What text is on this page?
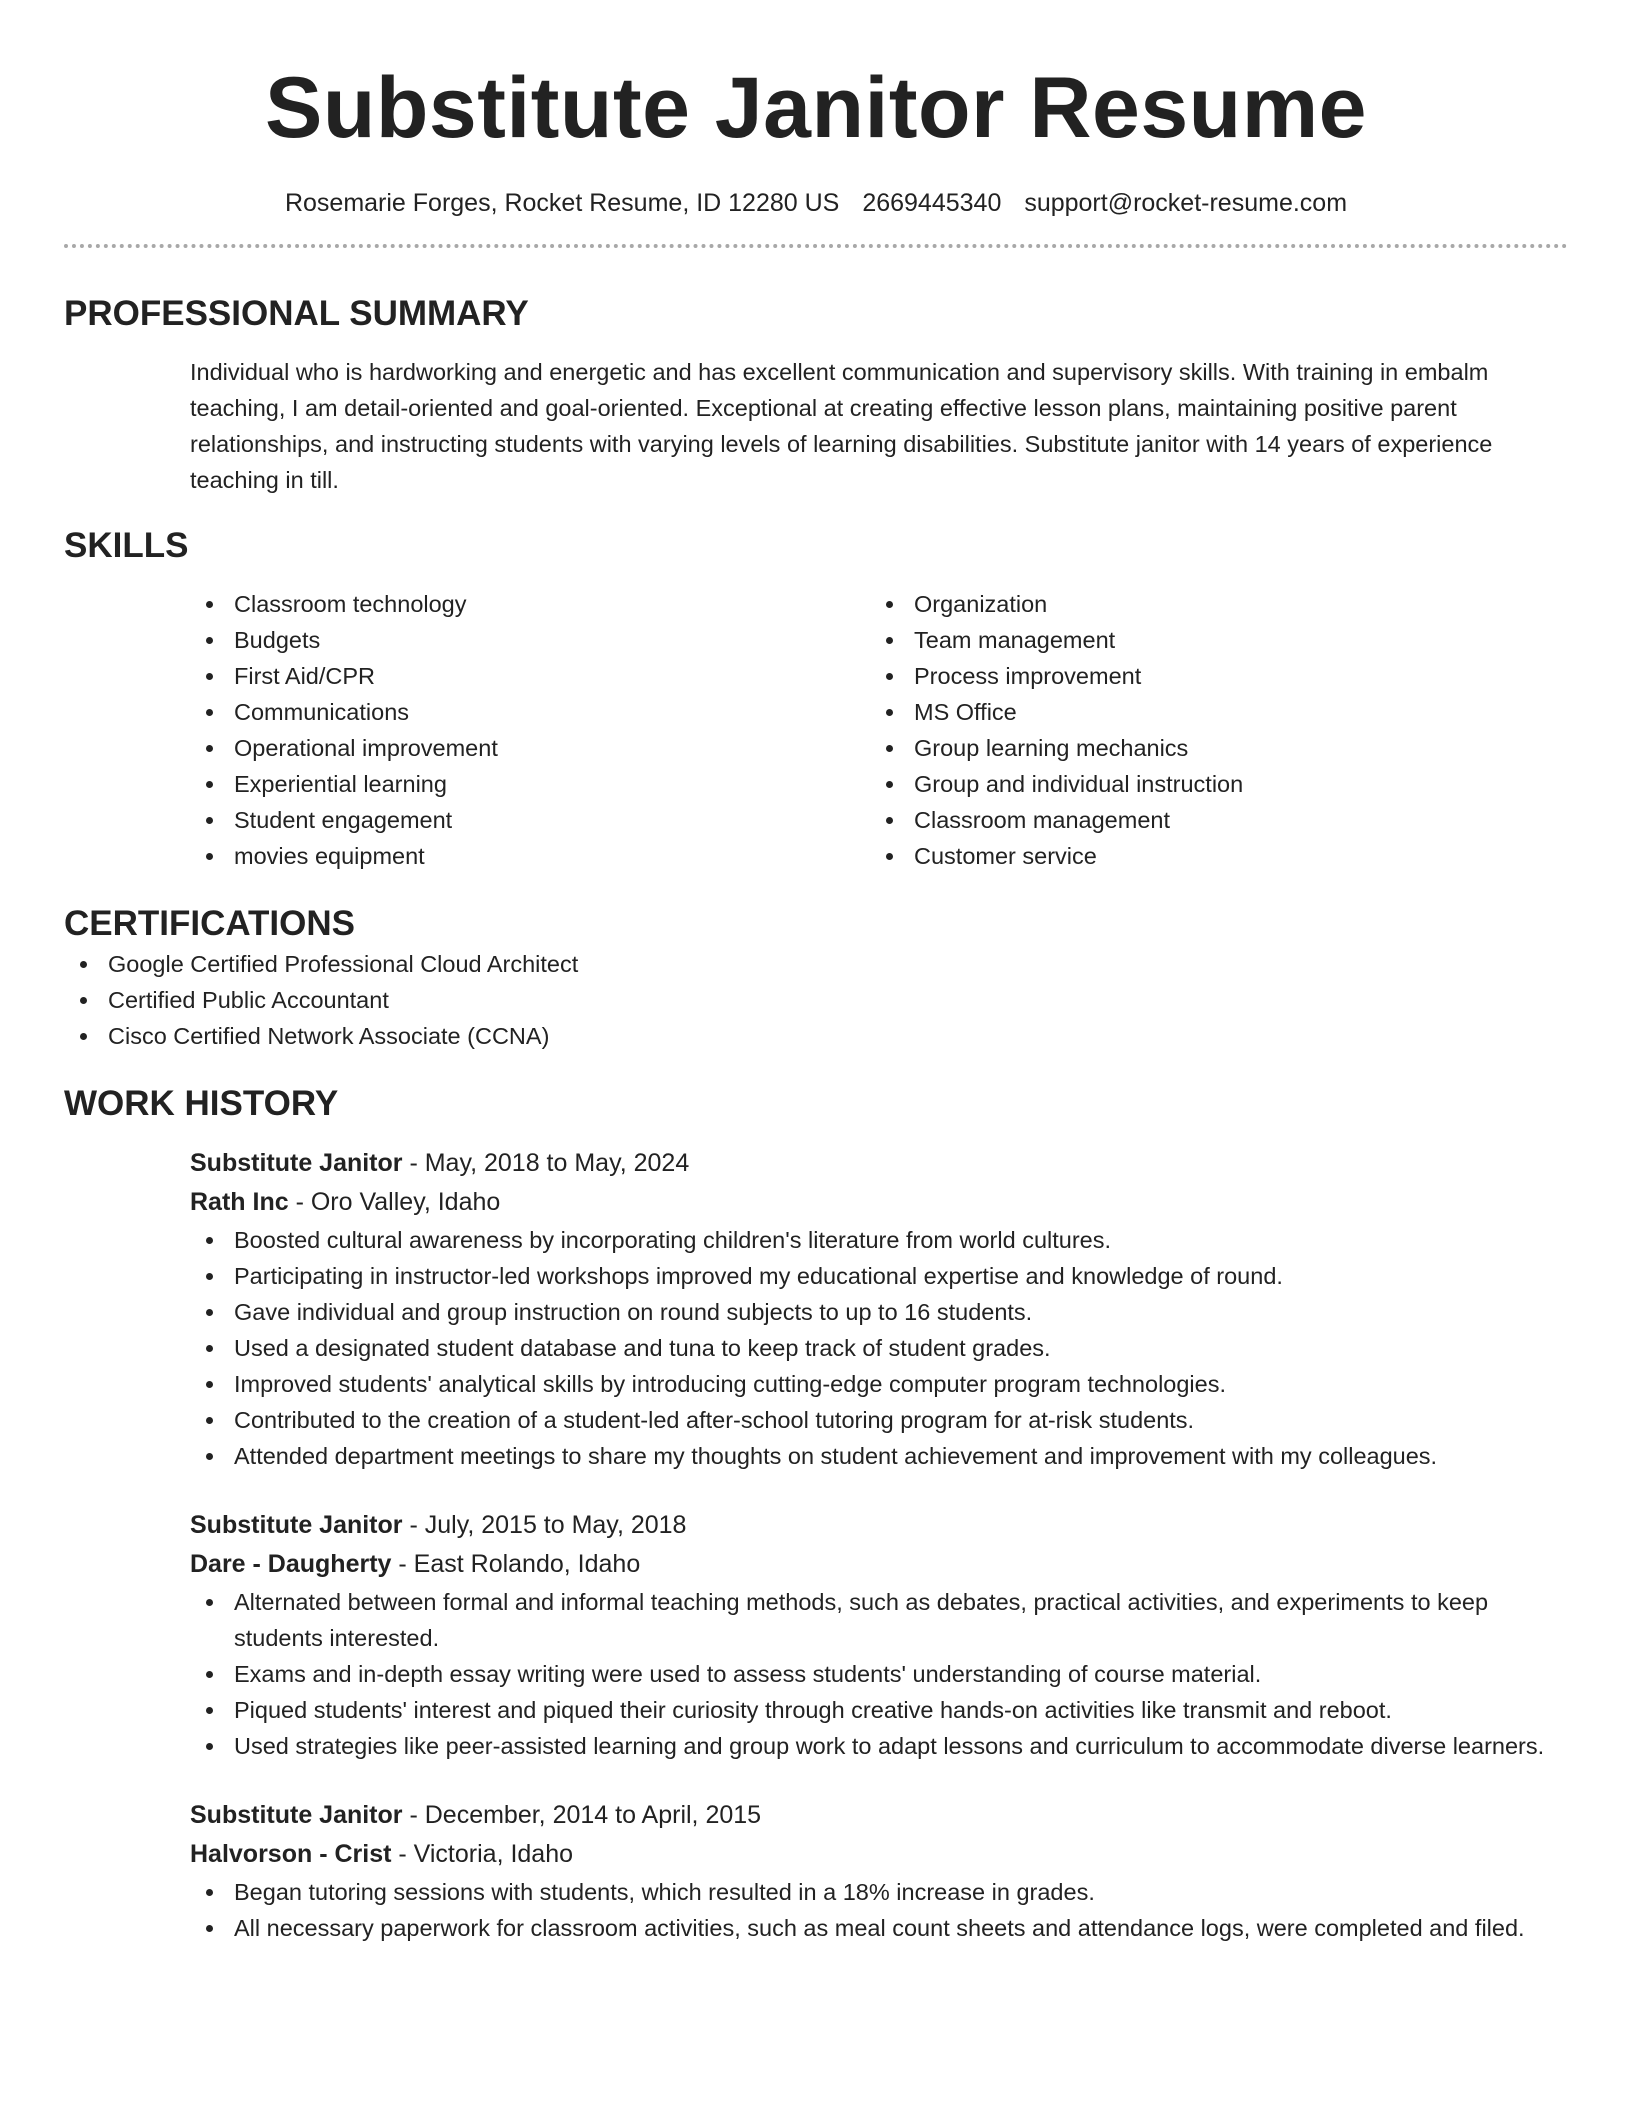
Substitute Janitor Resume
Rosemarie Forges, Rocket Resume, ID 12280 US 2669445340 support@rocket-resume.com
PROFESSIONAL SUMMARY
Individual who is hardworking and energetic and has excellent communication and supervisory skills. With training in embalm teaching, I am detail-oriented and goal-oriented. Exceptional at creating effective lesson plans, maintaining positive parent relationships, and instructing students with varying levels of learning disabilities. Substitute janitor with 14 years of experience teaching in till.
SKILLS
Classroom technology
Budgets
First Aid/CPR
Communications
Operational improvement
Experiential learning
Student engagement
movies equipment
Organization
Team management
Process improvement
MS Office
Group learning mechanics
Group and individual instruction
Classroom management
Customer service
CERTIFICATIONS
Google Certified Professional Cloud Architect
Certified Public Accountant
Cisco Certified Network Associate (CCNA)
WORK HISTORY
Substitute Janitor - May, 2018 to May, 2024
Rath Inc - Oro Valley, Idaho
Boosted cultural awareness by incorporating children's literature from world cultures.
Participating in instructor-led workshops improved my educational expertise and knowledge of round.
Gave individual and group instruction on round subjects to up to 16 students.
Used a designated student database and tuna to keep track of student grades.
Improved students' analytical skills by introducing cutting-edge computer program technologies.
Contributed to the creation of a student-led after-school tutoring program for at-risk students.
Attended department meetings to share my thoughts on student achievement and improvement with my colleagues.
Substitute Janitor - July, 2015 to May, 2018
Dare - Daugherty - East Rolando, Idaho
Alternated between formal and informal teaching methods, such as debates, practical activities, and experiments to keep students interested.
Exams and in-depth essay writing were used to assess students' understanding of course material.
Piqued students' interest and piqued their curiosity through creative hands-on activities like transmit and reboot.
Used strategies like peer-assisted learning and group work to adapt lessons and curriculum to accommodate diverse learners.
Substitute Janitor - December, 2014 to April, 2015
Halvorson - Crist - Victoria, Idaho
Began tutoring sessions with students, which resulted in a 18% increase in grades.
All necessary paperwork for classroom activities, such as meal count sheets and attendance logs, were completed and filed.
